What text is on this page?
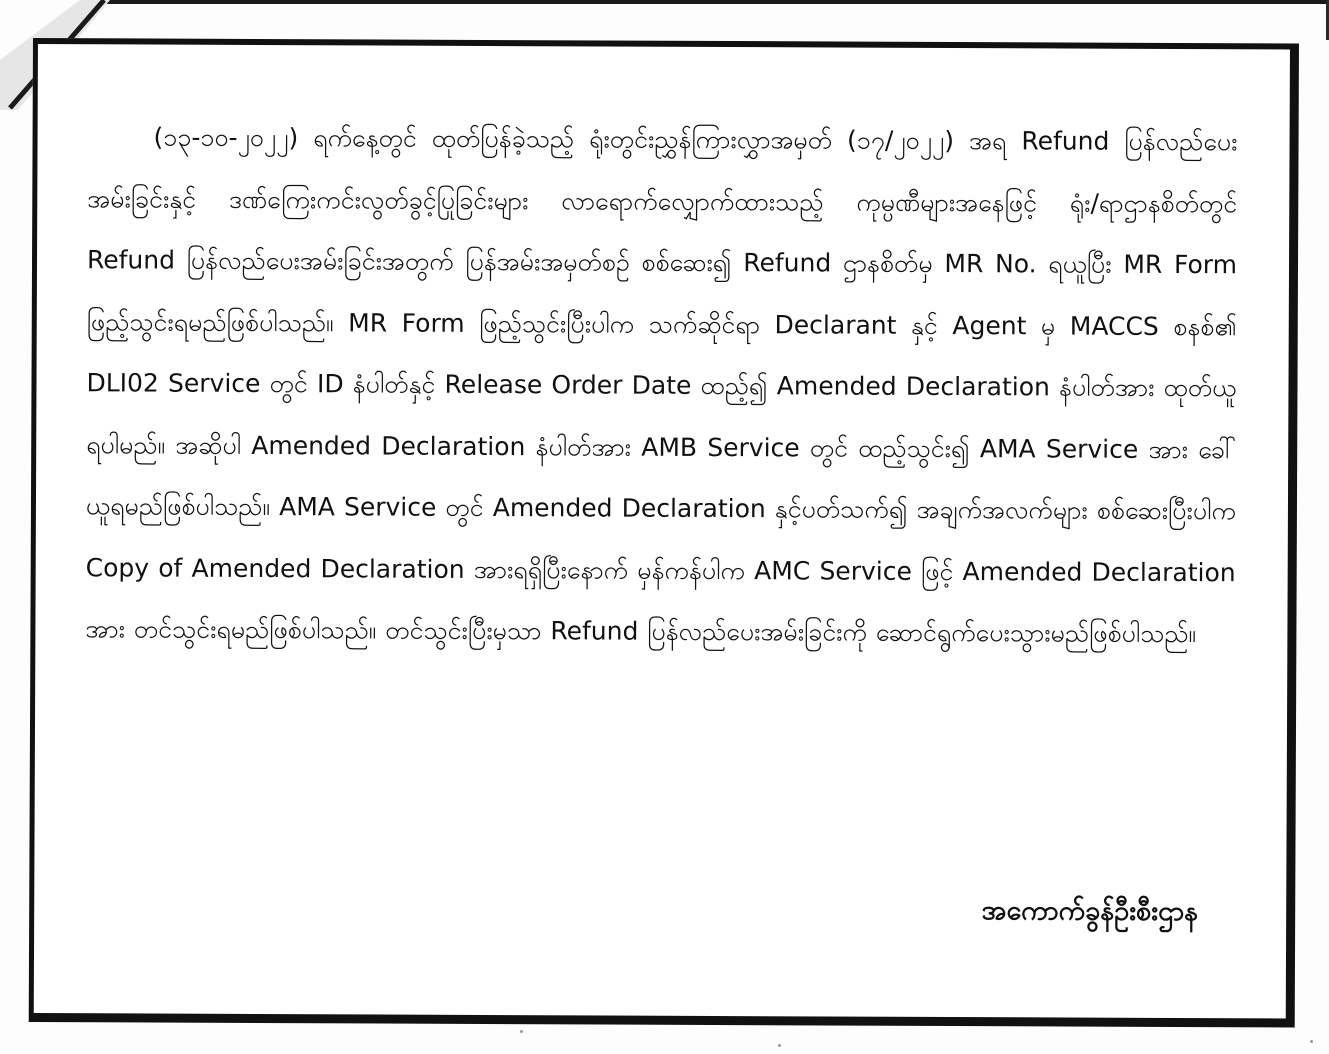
(၁၃-၁၀-၂၀၂၂) ရက်နေ့တွင် ထုတ်ပြန်ခဲ့သည့် ရုံးတွင်းညွှန်ကြားလွှာအမှတ် (၁၇/၂၀၂၂) အရ Refund ပြန်လည်ပေးအမ်းခြင်းနှင့် ဒဏ်ကြေးကင်းလွတ်ခွင့်ပြုခြင်းများ လာရောက်လျှောက်ထားသည့် ကုမ္ပဏီများအနေဖြင့် ရုံး/ရာဌာနစိတ်တွင် Refund ပြန်လည်ပေးအမ်းခြင်းအတွက် ပြန်အမ်းအမှတ်စဉ် စစ်ဆေး၍ Refund ဌာနစိတ်မှ MR No. ရယူပြီး MR Form ဖြည့်သွင်းရမည်ဖြစ်ပါသည်။ MR Form ဖြည့်သွင်းပြီးပါက သက်ဆိုင်ရာ Declarant နှင့် Agent မှ MACCS စနစ်၏ DLI02 Service တွင် ID နံပါတ်နှင့် Release Order Date ထည့်၍ Amended Declaration နံပါတ်အား ထုတ်ယူရပါမည်။ အဆိုပါ Amended Declaration နံပါတ်အား AMB Service တွင် ထည့်သွင်း၍ AMA Service အား ခေါ်ယူရမည်ဖြစ်ပါသည်။ AMA Service တွင် Amended Declaration နှင့်ပတ်သက်၍ အချက်အလက်များ စစ်ဆေးပြီးပါက Copy of Amended Declaration အားရရှိပြီးနောက် မှန်ကန်ပါက AMC Service ဖြင့် Amended Declaration အား တင်သွင်းရမည်ဖြစ်ပါသည်။ တင်သွင်းပြီးမှသာ Refund ပြန်လည်ပေးအမ်းခြင်းကို ဆောင်ရွက်ပေးသွားမည်ဖြစ်ပါသည်။

အကောက်ခွန်ဦးစီးဌာန
